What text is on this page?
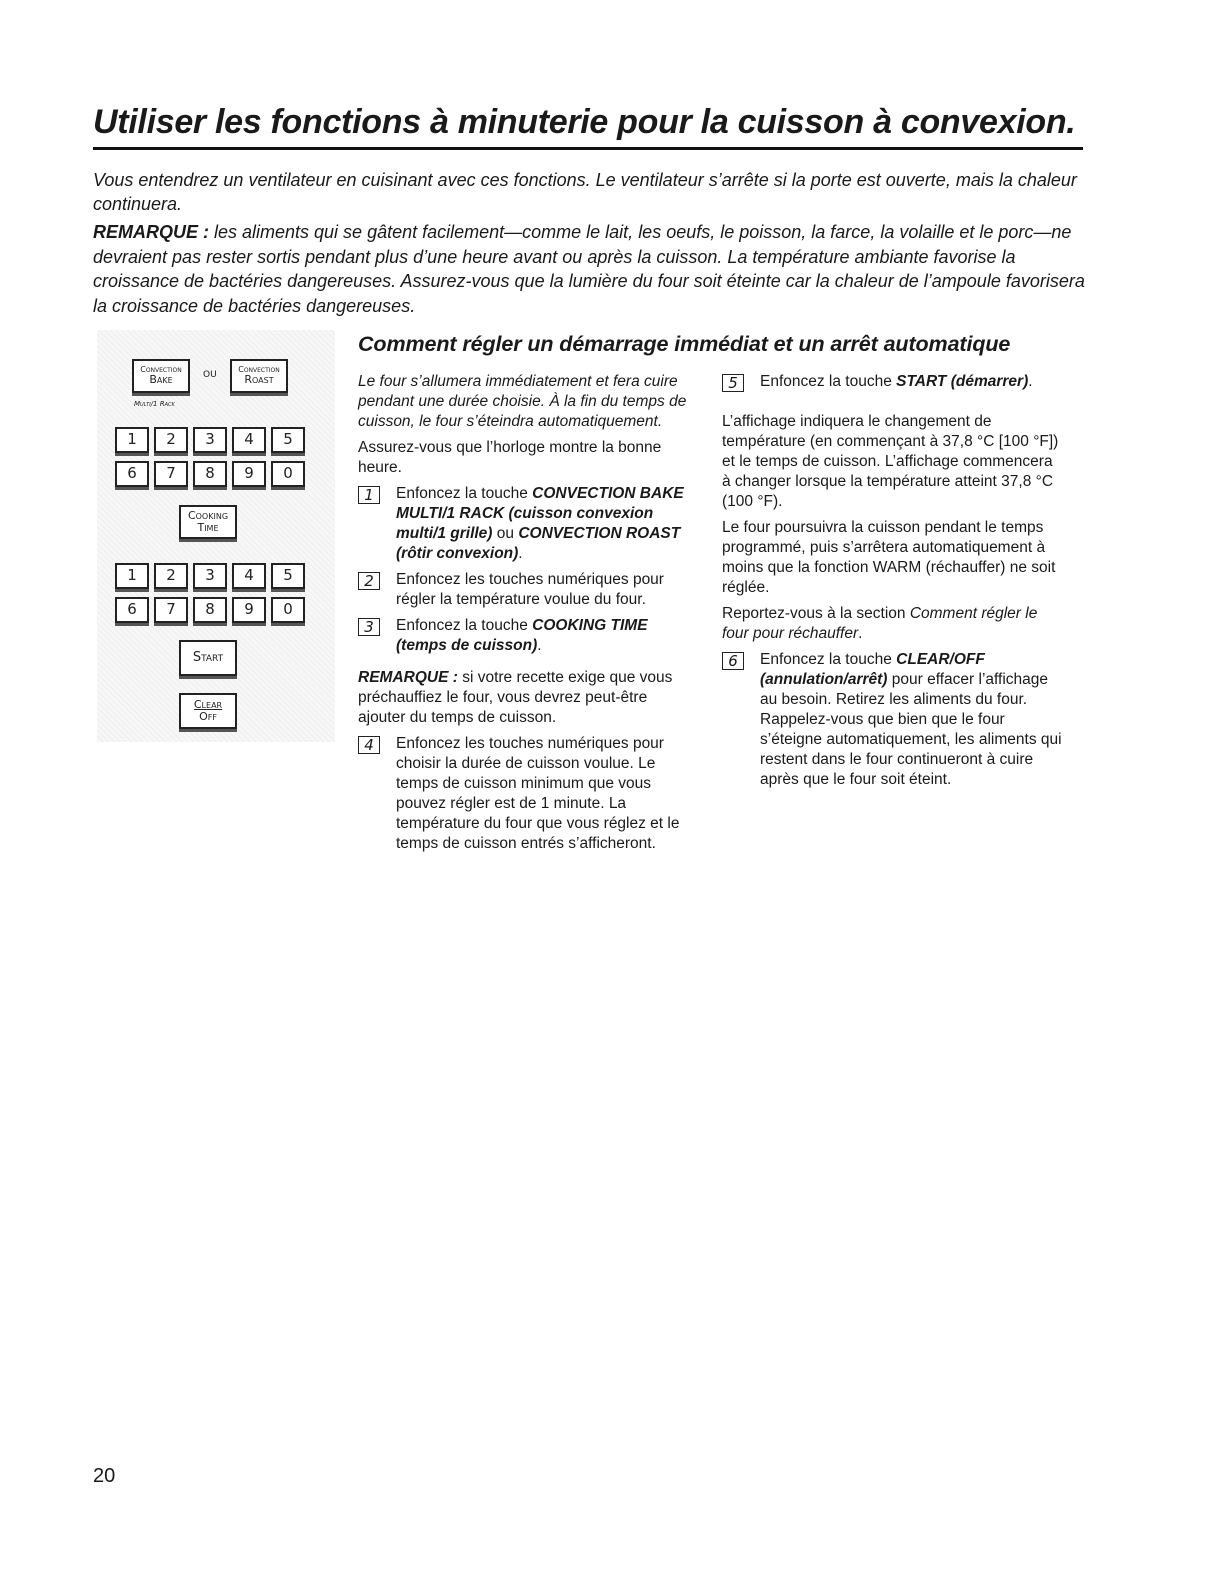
Utiliser les fonctions à minuterie pour la cuisson à convexion.

Vous entendrez un ventilateur en cuisinant avec ces fonctions. Le ventilateur s’arrête si la porte est ouverte, mais la chaleur continuera.

REMARQUE : les aliments qui se gâtent facilement—comme le lait, les oeufs, le poisson, la farce, la volaille et le porc—ne devraient pas rester sortis pendant plus d’une heure avant ou après la cuisson. La température ambiante favorise la croissance de bactéries dangereuses. Assurez-vous que la lumière du four soit éteinte car la chaleur de l’ampoule favorisera la croissance de bactéries dangereuses.

Convection
Bake	OU
Convection
Roast
Multi/1 Rack
1	2	3	4	5
6	7	8	9	0
Cooking
Time
1	2	3	4	5
6	7	8	9	0
Start
Clear
Off
Comment régler un démarrage immédiat et un arrêt automatique

Le four s’allumera immédiatement et fera cuire pendant une durée choisie. À la fin du temps de cuisson, le four s’éteindra automatiquement.

Assurez-vous que l’horloge montre la bonne heure.

1	Enfoncez la touche CONVECTION BAKE MULTI/1 RACK (cuisson convexion multi/1 grille) ou CONVECTION ROAST (rôtir convexion).
2	Enfoncez les touches numériques pour régler la température voulue du four.
3	Enfoncez la touche COOKING TIME (temps de cuisson).

REMARQUE : si votre recette exige que vous préchauffiez le four, vous devrez peut-être ajouter du temps de cuisson.

4	Enfoncez les touches numériques pour choisir la durée de cuisson voulue. Le temps de cuisson minimum que vous pouvez régler est de 1 minute. La température du four que vous réglez et le temps de cuisson entrés s’afficheront.
5	Enfoncez la touche START (démarrer).

L’affichage indiquera le changement de température (en commençant à 37,8 °C [100 °F]) et le temps de cuisson. L’affichage commencera à changer lorsque la température atteint 37,8 °C (100 °F).

Le four poursuivra la cuisson pendant le temps programmé, puis s’arrêtera automatiquement à moins que la fonction WARM (réchauffer) ne soit réglée.

Reportez-vous à la section Comment régler le four pour réchauffer.

6	Enfoncez la touche CLEAR/OFF (annulation/arrêt) pour effacer l’affichage au besoin. Retirez les aliments du four. Rappelez-vous que bien que le four s’éteigne automatiquement, les aliments qui restent dans le four continueront à cuire après que le four soit éteint.
20
